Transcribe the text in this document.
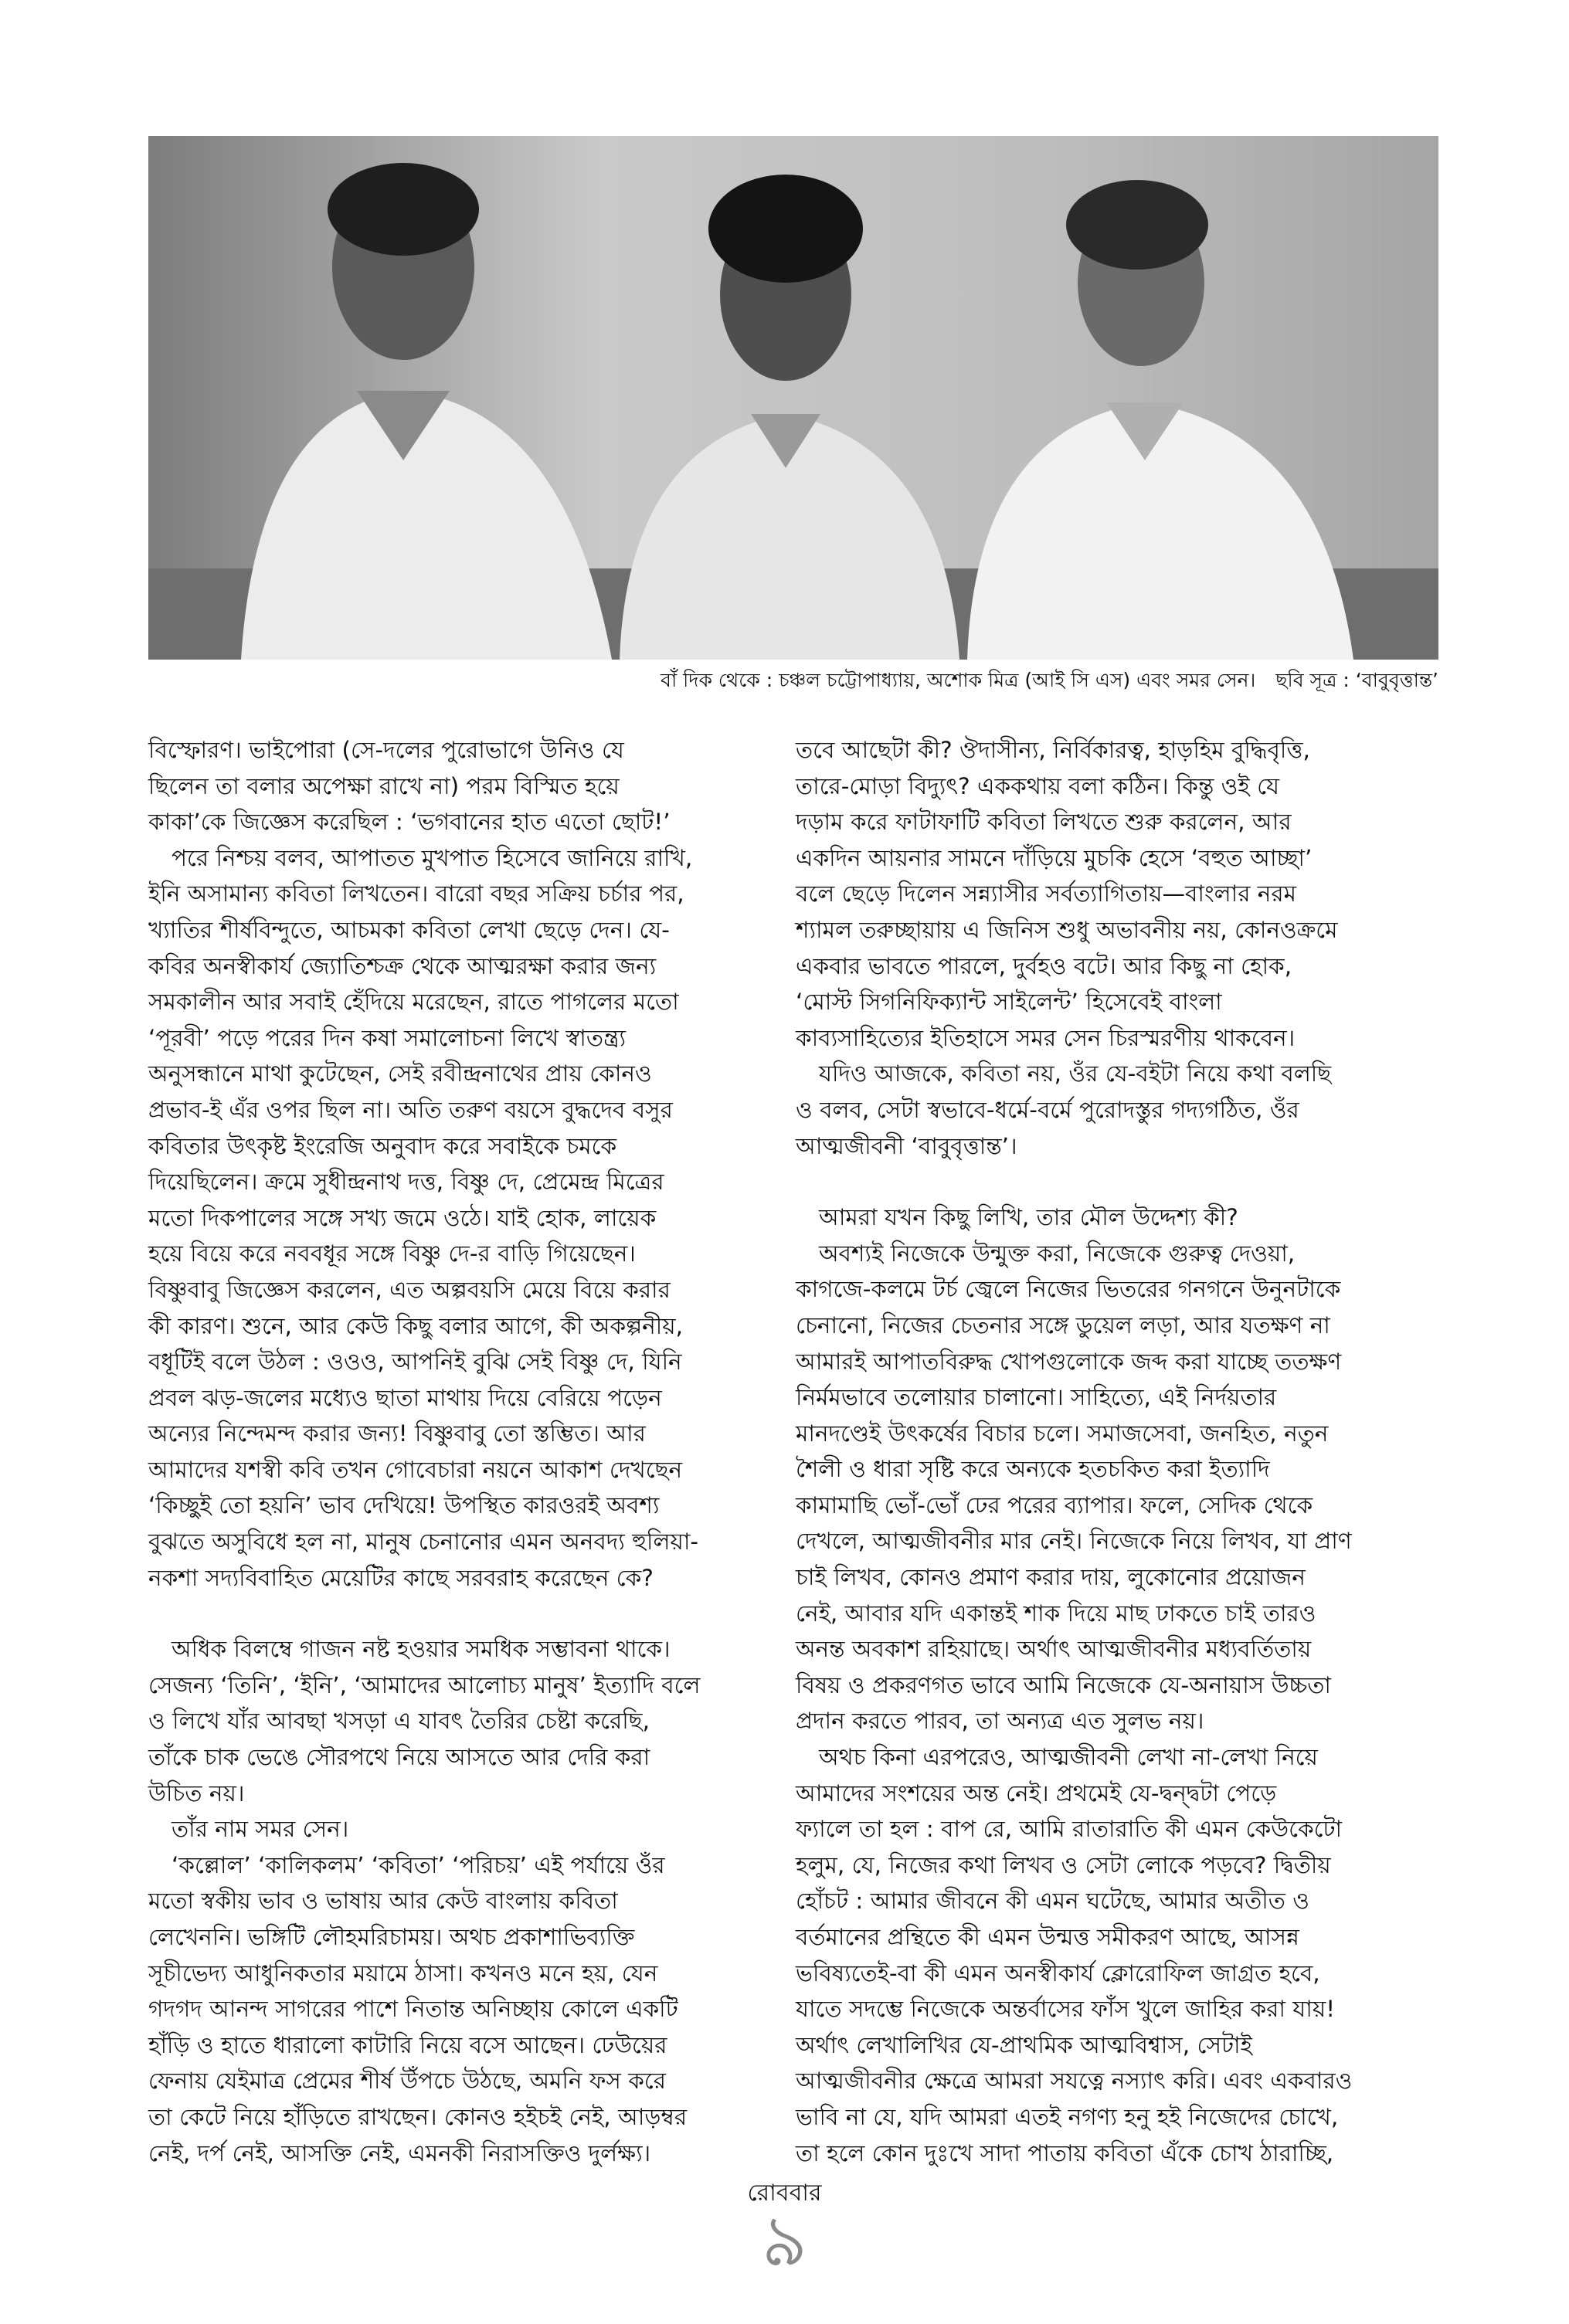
বাঁ দিক থেকে : চঞ্চল চট্টোপাধ্যায়, অশোক মিত্র (আই সি এস) এবং সমর সেন। ছবি সূত্র : ‘বাবুবৃত্তান্ত’

বিস্ফোরণ। ভাইপোরা (সে-দলের পুরোভাগে উনিও যে

ছিলেন তা বলার অপেক্ষা রাখে না) পরম বিস্মিত হয়ে

কাকা’কে জিজ্ঞেস করেছিল : ‘ভগবানের হাত এতো ছোট!’

পরে নিশ্চয় বলব, আপাতত মুখপাত হিসেবে জানিয়ে রাখি,

ইনি অসামান্য কবিতা লিখতেন। বারো বছর সক্রিয় চর্চার পর,

খ্যাতির শীর্ষবিন্দুতে, আচমকা কবিতা লেখা ছেড়ে দেন। যে-

কবির অনস্বীকার্য জ্যোতিশ্চক্র থেকে আত্মরক্ষা করার জন্য

সমকালীন আর সবাই হেঁদিয়ে মরেছেন, রাতে পাগলের মতো

‘পূরবী’ পড়ে পরের দিন কষা সমালোচনা লিখে স্বাতন্ত্র্য

অনুসন্ধানে মাথা কুটেছেন, সেই রবীন্দ্রনাথের প্রায় কোনও

প্রভাব-ই এঁর ওপর ছিল না। অতি তরুণ বয়সে বুদ্ধদেব বসুর

কবিতার উৎকৃষ্ট ইংরেজি অনুবাদ করে সবাইকে চমকে

দিয়েছিলেন। ক্রমে সুধীন্দ্রনাথ দত্ত, বিষ্ণু দে, প্রেমেন্দ্র মিত্রের

মতো দিকপালের সঙ্গে সখ্য জমে ওঠে। যাই হোক, লায়েক

হয়ে বিয়ে করে নববধূর সঙ্গে বিষ্ণু দে-র বাড়ি গিয়েছেন।

বিষ্ণুবাবু জিজ্ঞেস করলেন, এত অল্পবয়সি মেয়ে বিয়ে করার

কী কারণ। শুনে, আর কেউ কিছু বলার আগে, কী অকল্পনীয়,

বধূটিই বলে উঠল : ওওও, আপনিই বুঝি সেই বিষ্ণু দে, যিনি

প্রবল ঝড়-জলের মধ্যেও ছাতা মাথায় দিয়ে বেরিয়ে পড়েন

অন্যের নিন্দেমন্দ করার জন্য! বিষ্ণুবাবু তো স্তম্ভিত। আর

আমাদের যশস্বী কবি তখন গোবেচারা নয়নে আকাশ দেখছেন

‘কিচ্ছুই তো হয়নি’ ভাব দেখিয়ে! উপস্থিত কারওরই অবশ্য

বুঝতে অসুবিধে হল না, মানুষ চেনানোর এমন অনবদ্য হুলিয়া-

নকশা সদ্যবিবাহিত মেয়েটির কাছে সরবরাহ করেছেন কে?

অধিক বিলম্বে গাজন নষ্ট হওয়ার সমধিক সম্ভাবনা থাকে।

সেজন্য ‘তিনি’, ‘ইনি’, ‘আমাদের আলোচ্য মানুষ’ ইত্যাদি বলে

ও লিখে যাঁর আবছা খসড়া এ যাবৎ তৈরির চেষ্টা করেছি,

তাঁকে চাক ভেঙে সৌরপথে নিয়ে আসতে আর দেরি করা

উচিত নয়।

তাঁর নাম সমর সেন।

‘কল্লোল’ ‘কালিকলম’ ‘কবিতা’ ‘পরিচয়’ এই পর্যায়ে ওঁর

মতো স্বকীয় ভাব ও ভাষায় আর কেউ বাংলায় কবিতা

লেখেননি। ভঙ্গিটি লৌহমরিচাময়। অথচ প্রকাশাভিব্যক্তি

সূচীভেদ্য আধুনিকতার ময়ামে ঠাসা। কখনও মনে হয়, যেন

গদগদ আনন্দ সাগরের পাশে নিতান্ত অনিচ্ছায় কোলে একটি

হাঁড়ি ও হাতে ধারালো কাটারি নিয়ে বসে আছেন। ঢেউয়ের

ফেনায় যেইমাত্র প্রেমের শীর্ষ উঁপচে উঠছে, অমনি ফস করে

তা কেটে নিয়ে হাঁড়িতে রাখছেন। কোনও হইচই নেই, আড়ম্বর

নেই, দর্প নেই, আসক্তি নেই, এমনকী নিরাসক্তিও দুর্লক্ষ্য।

তবে আছেটা কী? ঔদাসীন্য, নির্বিকারত্ব, হাড়হিম বুদ্ধিবৃত্তি,

তারে-মোড়া বিদ্যুৎ? এককথায় বলা কঠিন। কিন্তু ওই যে

দড়াম করে ফাটাফাটি কবিতা লিখতে শুরু করলেন, আর

একদিন আয়নার সামনে দাঁড়িয়ে মুচকি হেসে ‘বহুত আচ্ছা’

বলে ছেড়ে দিলেন সন্ন্যাসীর সর্বত্যাগিতায়—বাংলার নরম

শ্যামল তরুচ্ছায়ায় এ জিনিস শুধু অভাবনীয় নয়, কোনওক্রমে

একবার ভাবতে পারলে, দুর্বহও বটে। আর কিছু না হোক,

‘মোস্ট সিগনিফিক্যান্ট সাইলেন্ট’ হিসেবেই বাংলা

কাব্যসাহিত্যের ইতিহাসে সমর সেন চিরস্মরণীয় থাকবেন।

যদিও আজকে, কবিতা নয়, ওঁর যে-বইটা নিয়ে কথা বলছি

ও বলব, সেটা স্বভাবে-ধর্মে-বর্মে পুরোদস্তুর গদ্যগঠিত, ওঁর

আত্মজীবনী ‘বাবুবৃত্তান্ত’।

আমরা যখন কিছু লিখি, তার মৌল উদ্দেশ্য কী?

অবশ্যই নিজেকে উন্মুক্ত করা, নিজেকে গুরুত্ব দেওয়া,

কাগজে-কলমে টর্চ জ্বেলে নিজের ভিতরের গনগনে উনুনটাকে

চেনানো, নিজের চেতনার সঙ্গে ডুয়েল লড়া, আর যতক্ষণ না

আমারই আপাতবিরুদ্ধ খোপগুলোকে জব্দ করা যাচ্ছে ততক্ষণ

নির্মমভাবে তলোয়ার চালানো। সাহিত্যে, এই নির্দয়তার

মানদণ্ডেই উৎকর্ষের বিচার চলে। সমাজসেবা, জনহিত, নতুন

শৈলী ও ধারা সৃষ্টি করে অন্যকে হতচকিত করা ইত্যাদি

কামামাছি ভোঁ-ভোঁ ঢের পরের ব্যাপার। ফলে, সেদিক থেকে

দেখলে, আত্মজীবনীর মার নেই। নিজেকে নিয়ে লিখব, যা প্রাণ

চাই লিখব, কোনও প্রমাণ করার দায়, লুকোনোর প্রয়োজন

নেই, আবার যদি একান্তই শাক দিয়ে মাছ ঢাকতে চাই তারও

অনন্ত অবকাশ রহিয়াছে। অর্থাৎ আত্মজীবনীর মধ্যবর্তিতায়

বিষয় ও প্রকরণগত ভাবে আমি নিজেকে যে-অনায়াস উচ্চতা

প্রদান করতে পারব, তা অন্যত্র এত সুলভ নয়।

অথচ কিনা এরপরেও, আত্মজীবনী লেখা না-লেখা নিয়ে

আমাদের সংশয়ের অন্ত নেই। প্রথমেই যে-দ্বন্দ্বটা পেড়ে

ফ্যালে তা হল : বাপ রে, আমি রাতারাতি কী এমন কেউকেটো

হলুম, যে, নিজের কথা লিখব ও সেটা লোকে পড়বে? দ্বিতীয়

হোঁচট : আমার জীবনে কী এমন ঘটেছে, আমার অতীত ও

বর্তমানের প্রন্থিতে কী এমন উন্মত্ত সমীকরণ আছে, আসন্ন

ভবিষ্যতেই-বা কী এমন অনস্বীকার্য ক্লোরোফিল জাগ্রত হবে,

যাতে সদম্ভে নিজেকে অন্তর্বাসের ফাঁস খুলে জাহির করা যায়!

অর্থাৎ লেখালিখির যে-প্রাথমিক আত্মবিশ্বাস, সেটাই

আত্মজীবনীর ক্ষেত্রে আমরা সযত্নে নস্যাৎ করি। এবং একবারও

ভাবি না যে, যদি আমরা এতই নগণ্য হনু হই নিজেদের চোখে,

তা হলে কোন দুঃখে সাদা পাতায় কবিতা এঁকে চোখ ঠারাচ্ছি,

রোববার
৯
